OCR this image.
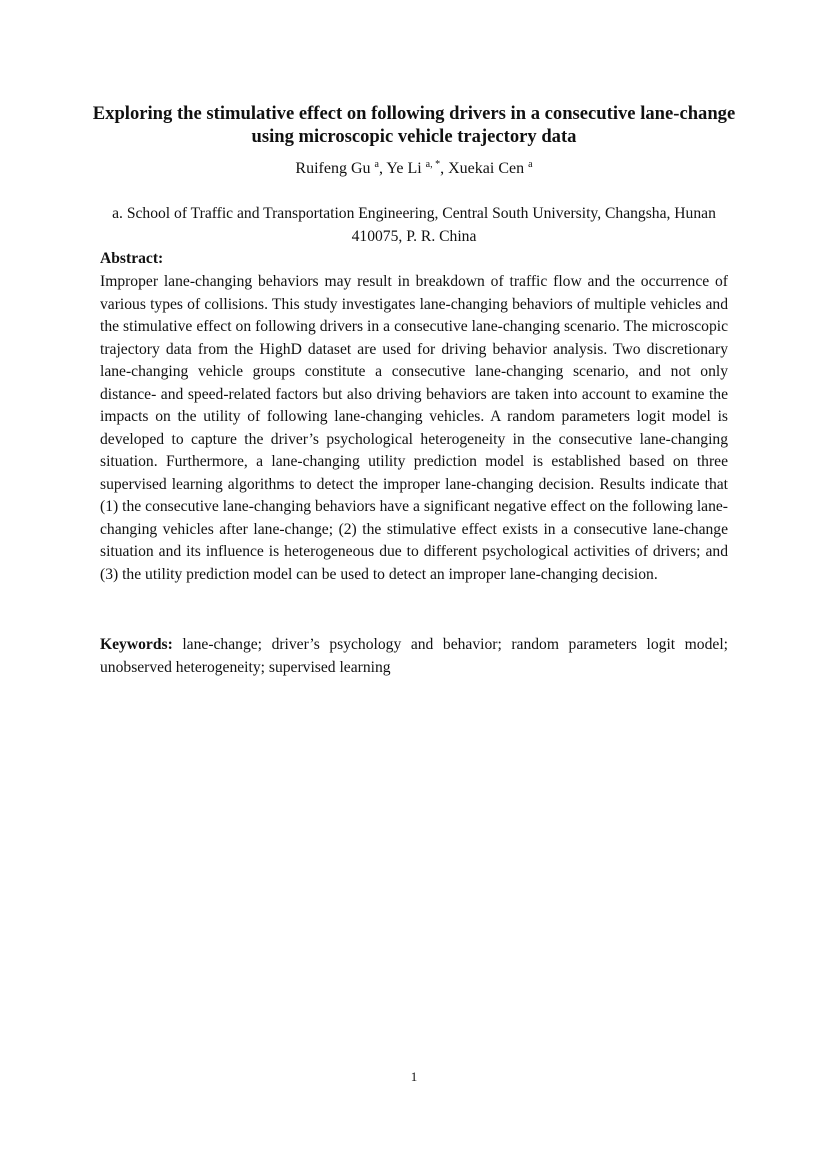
Exploring the stimulative effect on following drivers in a consecutive lane-change using microscopic vehicle trajectory data
Ruifeng Gu $^a$, Ye Li $^{a, *}$, Xuekai Cen $^a$
a. School of Traffic and Transportation Engineering, Central South University, Changsha, Hunan 410075, P. R. China
Abstract:

Improper lane-changing behaviors may result in breakdown of traffic flow and the occurrence of various types of collisions. This study investigates lane-changing behaviors of multiple vehicles and the stimulative effect on following drivers in a consecutive lane-changing scenario. The microscopic trajectory data from the HighD dataset are used for driving behavior analysis. Two discretionary lane-changing vehicle groups constitute a consecutive lane-changing scenario, and not only distance- and speed-related factors but also driving behaviors are taken into account to examine the impacts on the utility of following lane-changing vehicles. A random parameters logit model is developed to capture the driver’s psychological heterogeneity in the consecutive lane-changing situation. Furthermore, a lane-changing utility prediction model is established based on three supervised learning algorithms to detect the improper lane-changing decision. Results indicate that (1) the consecutive lane-changing behaviors have a significant negative effect on the following lane-changing vehicles after lane-change; (2) the stimulative effect exists in a consecutive lane-change situation and its influence is heterogeneous due to different psychological activities of drivers; and (3) the utility prediction model can be used to detect an improper lane-changing decision.

Keywords: lane-change; driver’s psychology and behavior; random parameters logit model; unobserved heterogeneity; supervised learning

1
